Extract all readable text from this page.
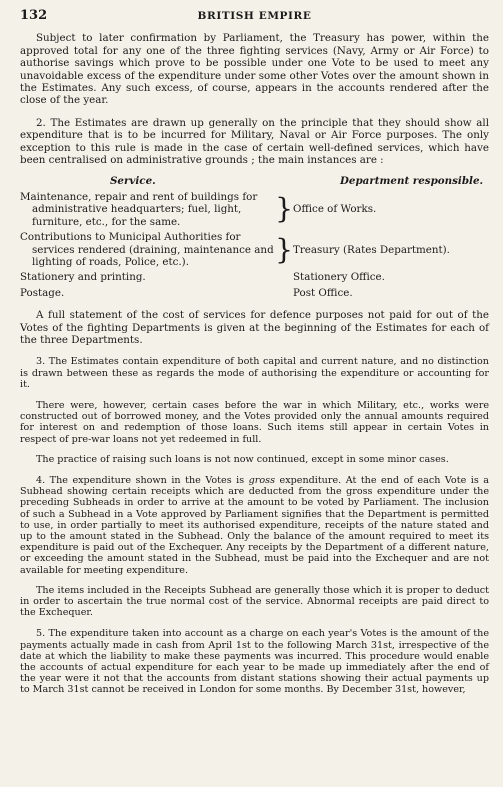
132	BRITISH EMPIRE

Subject to later confirmation by Parliament, the Treasury has power, within the approved total for any one of the three fighting services (Navy, Army or Air Force) to authorise savings which prove to be possible under one Vote to be used to meet any unavoidable excess of the expenditure under some other Votes over the amount shown in the Estimates. Any such excess, of course, appears in the accounts rendered after the close of the year.

2. The Estimates are drawn up generally on the principle that they should show all expenditure that is to be incurred for Military, Naval or Air Force purposes. The only exception to this rule is made in the case of certain well-defined services, which have been centralised on administrative grounds ; the main instances are :

Service.	Department responsible.
Maintenance, repair and rent of buildings for administrative headquarters; fuel, light, furniture, etc., for the same.	} Office of Works.
Contributions to Municipal Authorities for services rendered (draining, maintenance and lighting of roads, Police, etc.).	} Treasury (Rates Department).
Stationery and printing.	Stationery Office.
Postage.	Post Office.

A full statement of the cost of services for defence purposes not paid for out of the Votes of the fighting Departments is given at the beginning of the Estimates for each of the three Departments.

3. The Estimates contain expenditure of both capital and current nature, and no distinction is drawn between these as regards the mode of authorising the expenditure or accounting for it.

There were, however, certain cases before the war in which Military, etc., works were constructed out of borrowed money, and the Votes provided only the annual amounts required for interest on and redemption of those loans. Such items still appear in certain Votes in respect of pre-war loans not yet redeemed in full.

The practice of raising such loans is not now continued, except in some minor cases.

4. The expenditure shown in the Votes is gross expenditure. At the end of each Vote is a Subhead showing certain receipts which are deducted from the gross expenditure under the preceding Subheads in order to arrive at the amount to be voted by Parliament. The inclusion of such a Subhead in a Vote approved by Parliament signifies that the Department is permitted to use, in order partially to meet its authorised expenditure, receipts of the nature stated and up to the amount stated in the Subhead. Only the balance of the amount required to meet its expenditure is paid out of the Exchequer. Any receipts by the Department of a different nature, or exceeding the amount stated in the Subhead, must be paid into the Exchequer and are not available for meeting expenditure.

The items included in the Receipts Subhead are generally those which it is proper to deduct in order to ascertain the true normal cost of the service. Abnormal receipts are paid direct to the Exchequer.

5. The expenditure taken into account as a charge on each year's Votes is the amount of the payments actually made in cash from April 1st to the following March 31st, irrespective of the date at which the liability to make these payments was incurred. This procedure would enable the accounts of actual expenditure for each year to be made up immediately after the end of the year were it not that the accounts from distant stations showing their actual payments up to March 31st cannot be received in London for some months. By December 31st, however,
